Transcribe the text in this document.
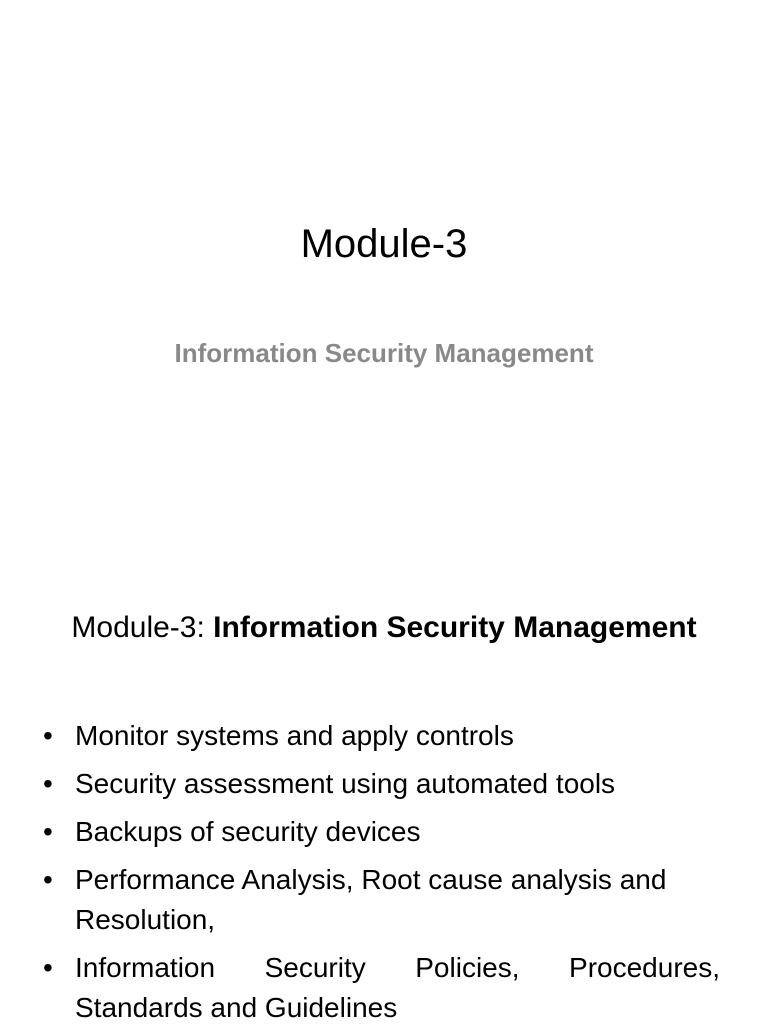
Module-3
Information Security Management
Module-3: Information Security Management
• Monitor systems and apply controls
• Security assessment using automated tools
• Backups of security devices
• Performance Analysis, Root cause analysis and Resolution,
• Information Security Policies, Procedures, Standards and Guidelines
